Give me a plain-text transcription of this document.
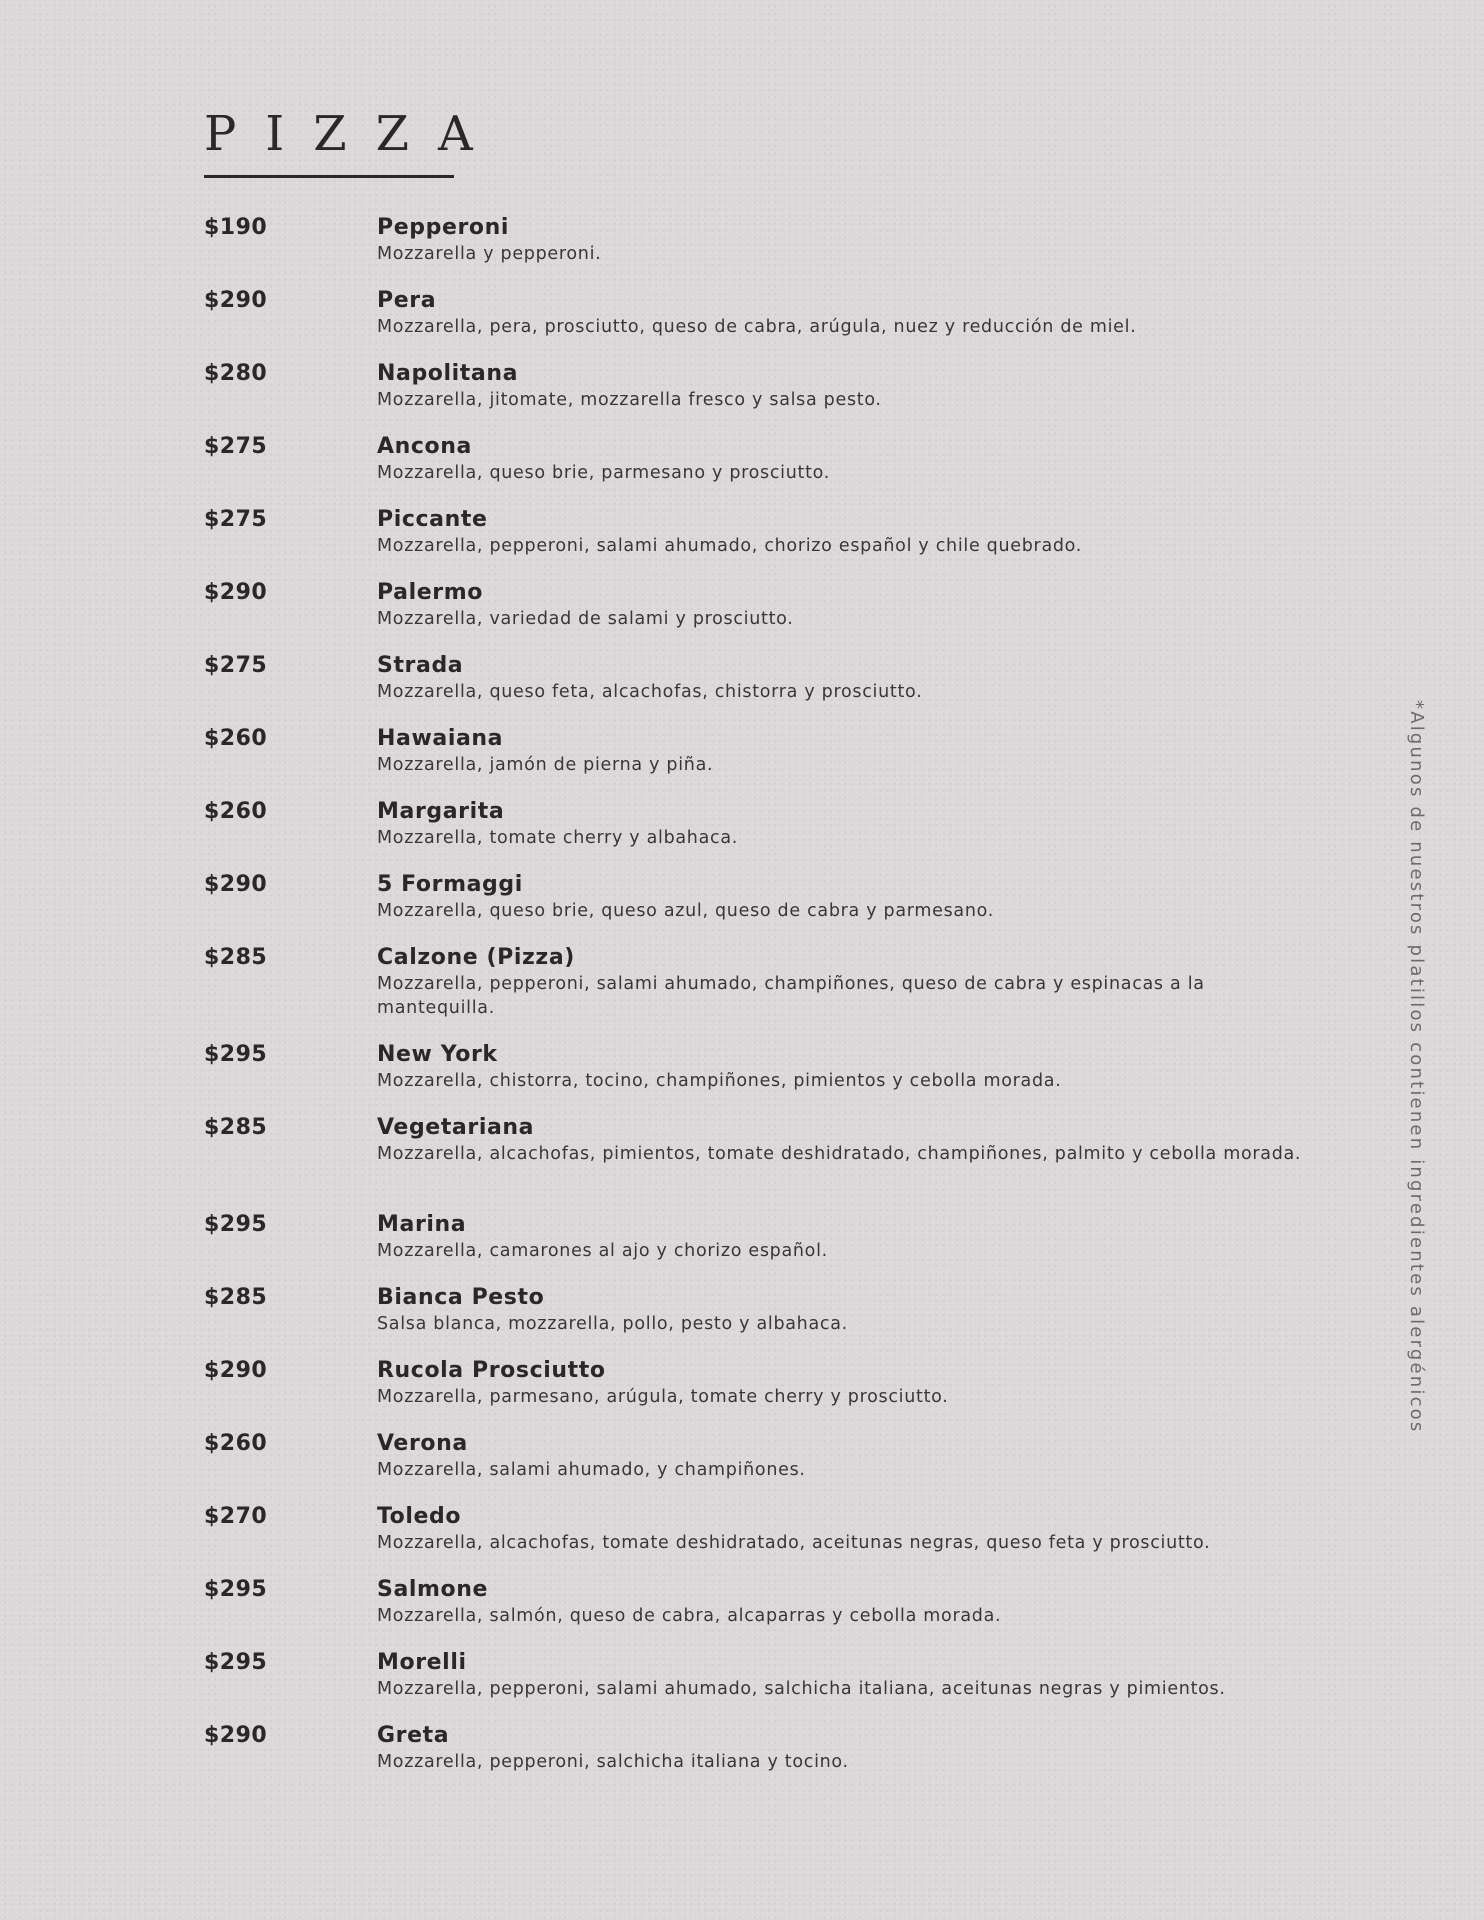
PIZZA
$190	Pepperoni
Mozzarella y pepperoni.
$290	Pera
Mozzarella, pera, prosciutto, queso de cabra, arúgula, nuez y reducción de miel.
$280	Napolitana
Mozzarella, jitomate, mozzarella fresco y salsa pesto.
$275	Ancona
Mozzarella, queso brie, parmesano y prosciutto.
$275	Piccante
Mozzarella, pepperoni, salami ahumado, chorizo español y chile quebrado.
$290	Palermo
Mozzarella, variedad de salami y prosciutto.
$275	Strada
Mozzarella, queso feta, alcachofas, chistorra y prosciutto.
$260	Hawaiana
Mozzarella, jamón de pierna y piña.
$260	Margarita
Mozzarella, tomate cherry y albahaca.
$290	5 Formaggi
Mozzarella, queso brie, queso azul, queso de cabra y parmesano.
$285	Calzone (Pizza)
Mozzarella, pepperoni, salami ahumado, champiñones, queso de cabra y espinacas a la mantequilla.
$295	New York
Mozzarella, chistorra, tocino, champiñones, pimientos y cebolla morada.
$285	Vegetariana
Mozzarella, alcachofas, pimientos, tomate deshidratado, champiñones, palmito y cebolla morada.
$295	Marina
Mozzarella, camarones al ajo y chorizo español.
$285	Bianca Pesto
Salsa blanca, mozzarella, pollo, pesto y albahaca.
$290	Rucola Prosciutto
Mozzarella, parmesano, arúgula, tomate cherry y prosciutto.
$260	Verona
Mozzarella, salami ahumado, y champiñones.
$270	Toledo
Mozzarella, alcachofas, tomate deshidratado, aceitunas negras, queso feta y prosciutto.
$295	Salmone
Mozzarella, salmón, queso de cabra, alcaparras y cebolla morada.
$295	Morelli
Mozzarella, pepperoni, salami ahumado, salchicha italiana, aceitunas negras y pimientos.
$290	Greta
Mozzarella, pepperoni, salchicha italiana y tocino.
*Algunos de nuestros platillos contienen ingredientes alergénicos
